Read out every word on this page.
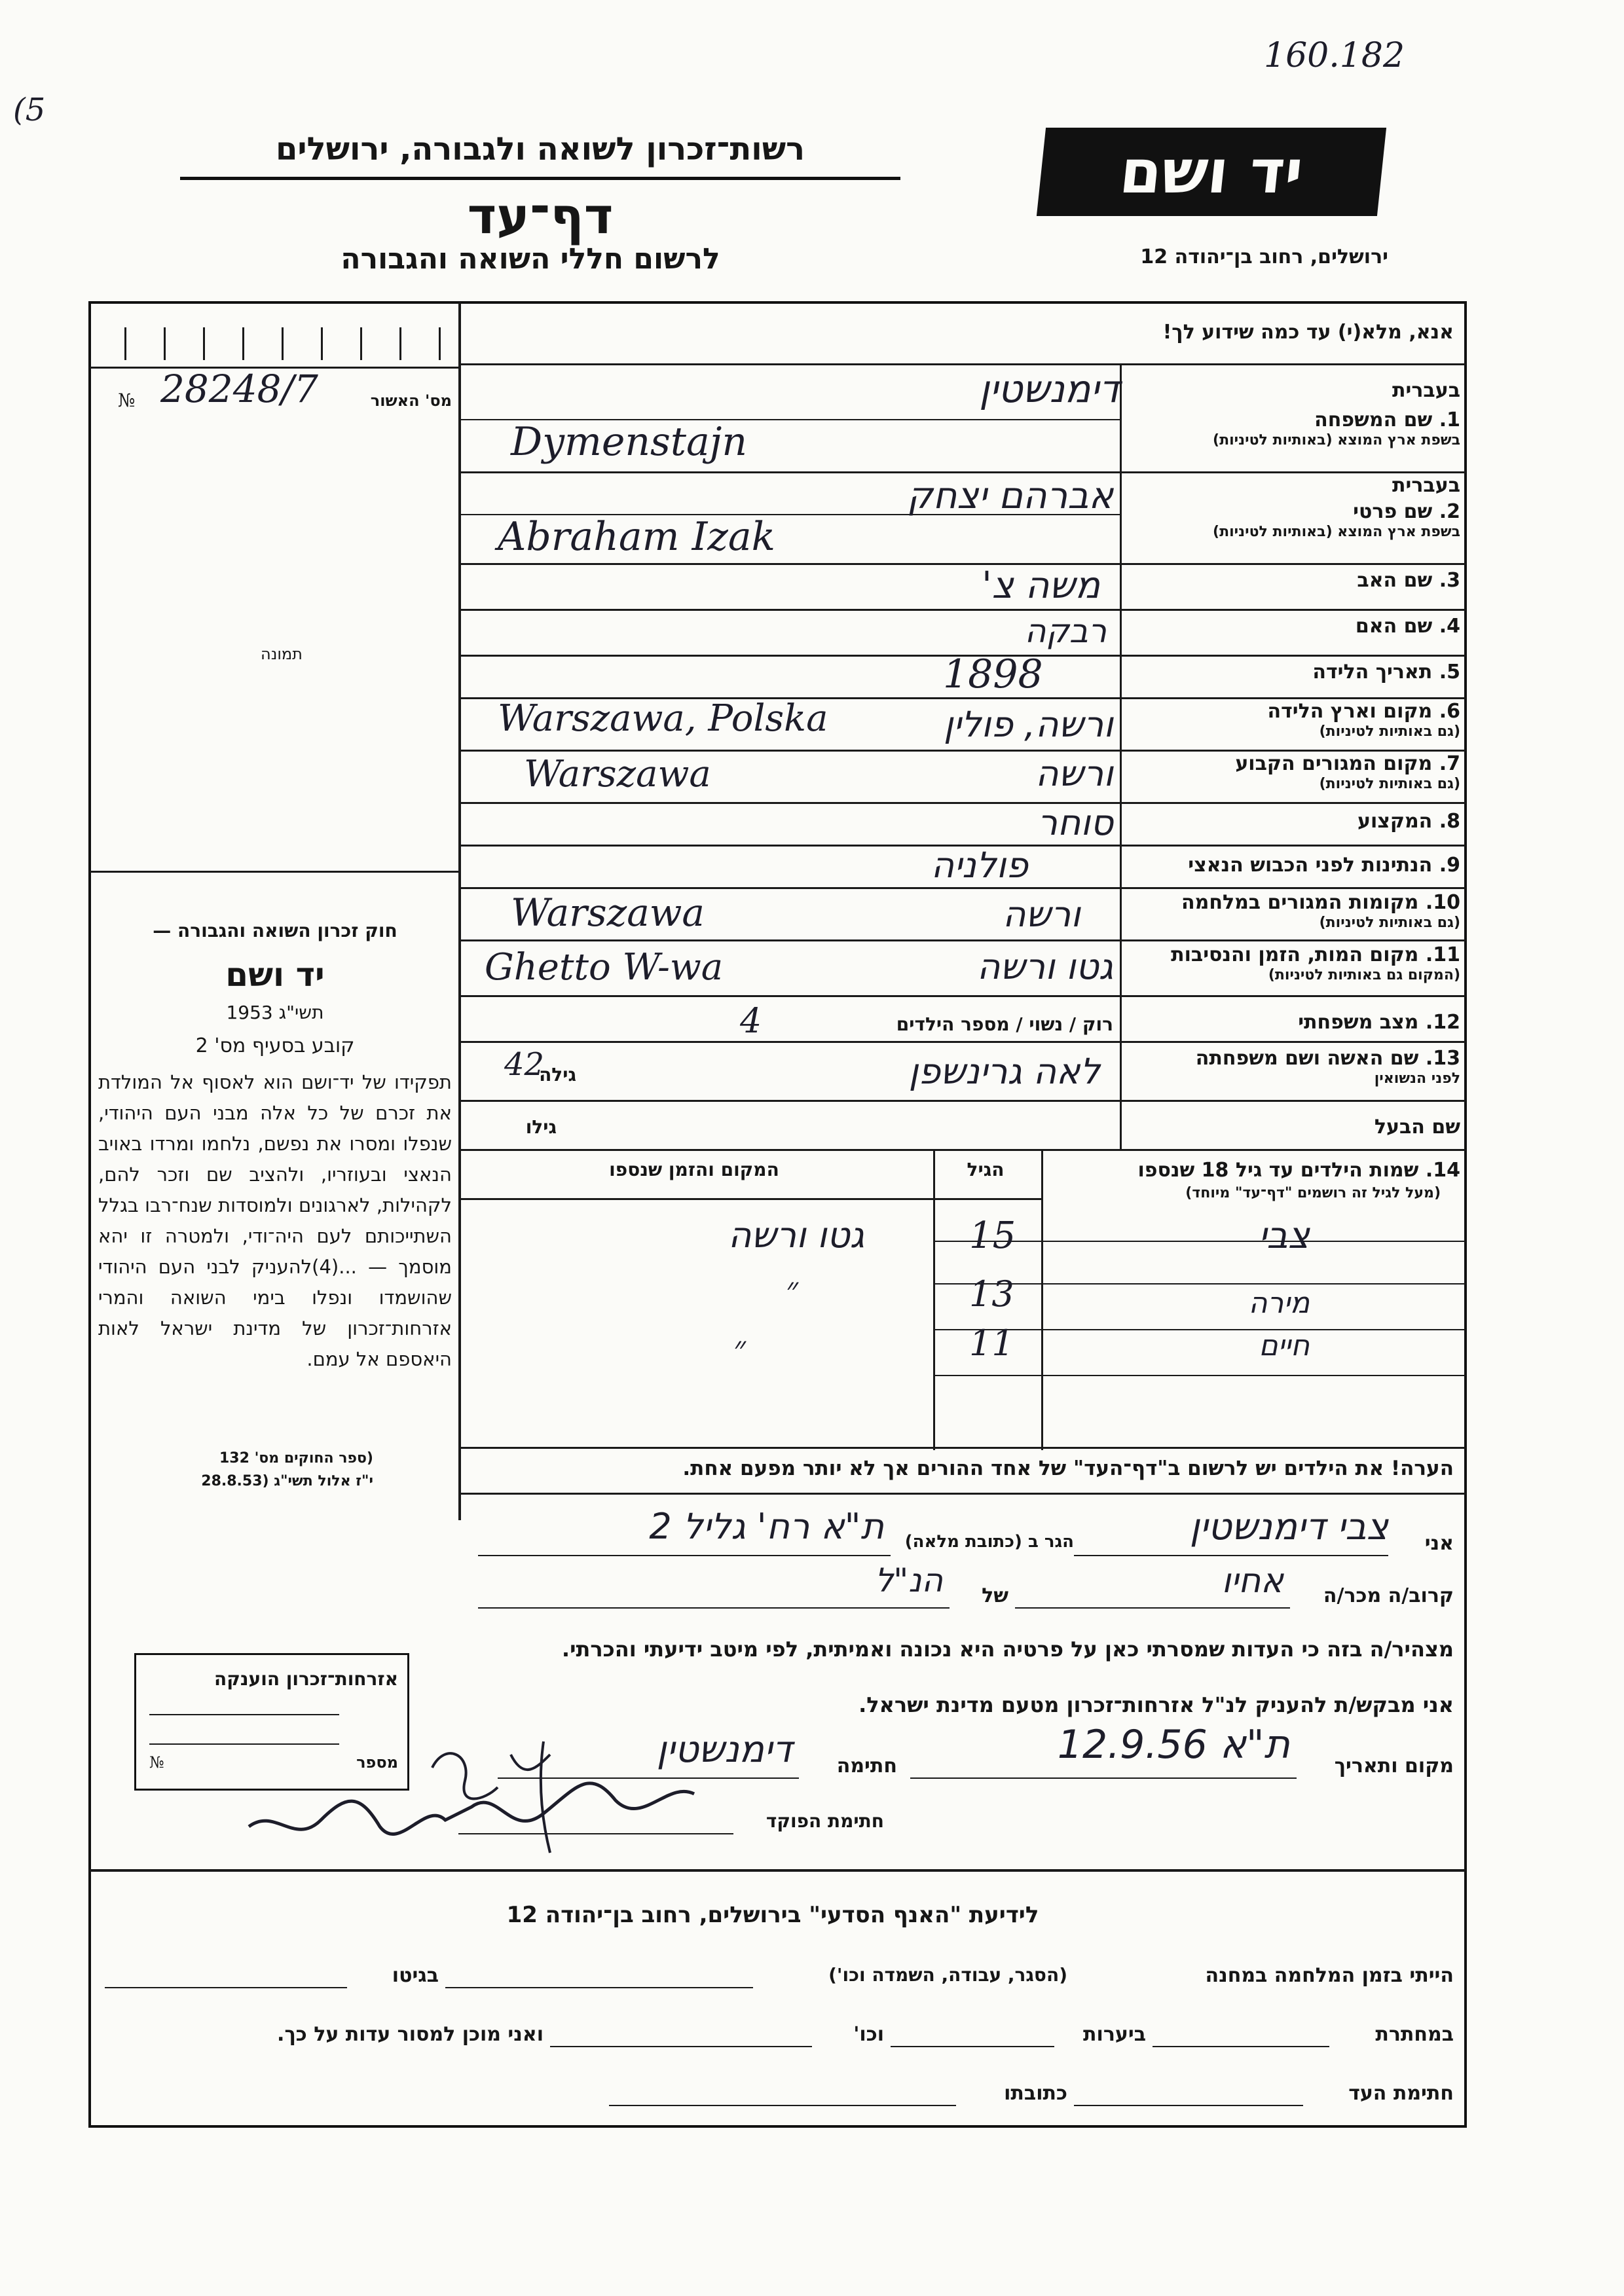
160.182
(5
רשות־זכרון לשואה ולגבורה, ירושלים
דף־עד
לרשום חללי השואה והגבורה
יד ושם
ירושלים, רחוב בן־יהודה 12
№ 28248/7	מס' האשור
תמונה
חוק זכרון השואה והגבורה —
יד ושם
תשי"ג 1953
קובע בסעיף מס' 2
תפקידו של יד־ושם הוא לאסוף אל המולדת את זכרם של כל אלה מבני העם היהודי, שנפלו ומסרו את נפשם, נלחמו ומרדו באויב הנאצי ובעוזריו, ולהציב שם וזכר להם, לקהילות, לארגונים ולמוסדות שנח־רבו בגלל השתייכותם לעם היה־ודי, ולמטרה זו יהא מוסמך — ...(4)להעניק לבני העם היהודי שהושמדו ונפלו בימי השואה והמרי אזרחות־זכרון של מדינת ישראל לאות היאספם אל עמם.
(ספר החוקים מס' 132
י"ז אלול תשי"ג (28.8.53
אזרחות־זכרון הוענקה
מספר
№
אנא, מלא(י) עד כמה שידוע לך!
בעברית
1. שם המשפחה
בשפת ארץ המוצא (באותיות לטיניות)
דימנשטין
Dymenstajn
בעברית
2. שם פרטי
בשפת ארץ המוצא (באותיות לטיניות)
אברהם יצחק
Abraham Izak
3. שם האב
משה צ'
4. שם האם
רבקה
5. תאריך הלידה
1898
6. מקום וארץ הלידה
(גם באותיות לטיניות)
ורשה, פולין
Warszawa, Polska
7. מקום המגורים הקבוע
(גם באותיות לטיניות)
ורשה
Warszawa
8. המקצוע
סוחר
9. הנתינות לפני הכבוש הנאצי
פולניה
10. מקומות המגורים במלחמה
(גם באותיות לטיניות)
ורשה
Warszawa
11. מקום המות, הזמן והנסיבות
(המקום גם באותיות לטיניות)
גטו ורשה
Ghetto W-wa
12. מצב משפחתי
רוק / נשוי / מספר הילדים
4
13. שם האשה ושם משפחתה
לפני הנשואין
לאה גרינשפן
גילה
42
שם הבעל
גילו
14. שמות הילדים עד גיל 18 שנספו
(מעל לגיל זה רושמים "דף־עד" מיוחד)
הגיל
המקום והזמן שנספו
צבי
15
גטו ורשה
מירה
13
״
חיים
11
״
הערה! את הילדים יש לרשום ב"דף־העד" של אחד ההורים אך לא יותר מפעם אחת.
אני
צבי דימנשטין
הגר ב (כתובת מלאה)
ת"א רח' גליל 2
קרוב/ה מכר/ה
אחיו
של
הנ"ל
מצהיר/ה בזה כי העדות שמסרתי כאן על פרטיה היא נכונה ואמיתית, לפי מיטב ידיעתי והכרתי.
אני מבקש/ת להעניק לנ"ל אזרחות־זכרון מטעם מדינת ישראל.
מקום ותאריך
ת"א 12.9.56
חתימה
דימנשטין
חתימת הפוקד
לידיעת "האנף הסדעי" בירושלים, רחוב בן־יהודה 12
הייתי בזמן המלחמה במחנה
(הסגר, עבודה, השמדה וכו')
בגיטו
במחתרת
ביערות
וכו'
ואני מוכן למסור עדות על כך.
חתימת העד
כתובתו
